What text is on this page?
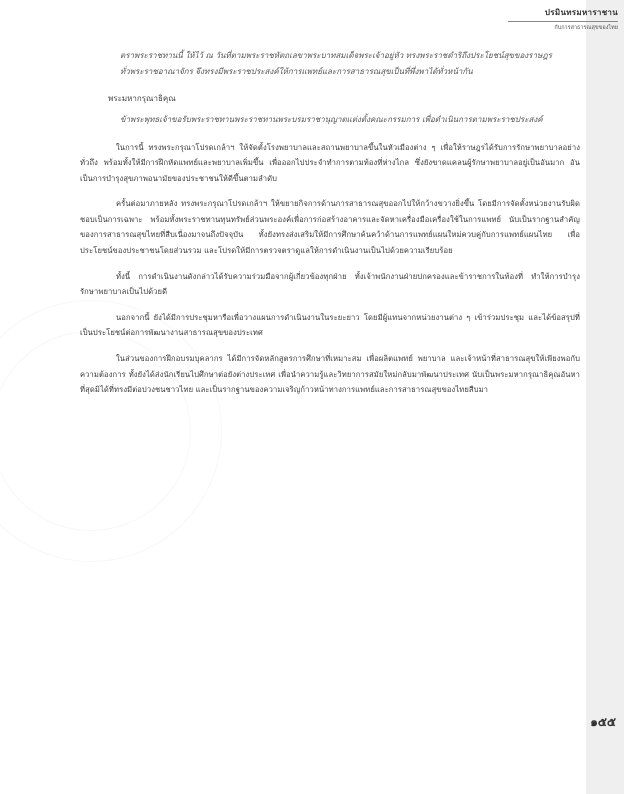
ปรมินทรมหาราชาน
กับการสาธารณสุขของไทย
ตราพระราชทานนี้ ให้ไว้ ณ วันที่ตามพระราชหัตถเลขาพระบาทสมเด็จพระเจ้าอยู่หัว ทรงพระราชดำริถึงประโยชน์สุขของราษฎรทั่วพระราชอาณาจักร จึงทรงมีพระราชประสงค์ให้การแพทย์และการสาธารณสุขเป็นที่พึ่งพาได้ทั่วหน้ากัน
พระมหากรุณาธิคุณ
ข้าพระพุทธเจ้าขอรับพระราชทานพระราชทานพระบรมราชานุญาตแต่งตั้งคณะกรรมการ เพื่อดำเนินการตามพระราชประสงค์

ในการนี้ ทรงพระกรุณาโปรดเกล้าฯ ให้จัดตั้งโรงพยาบาลและสถานพยาบาลขึ้นในหัวเมืองต่าง ๆ เพื่อให้ราษฎรได้รับการรักษาพยาบาลอย่างทั่วถึง พร้อมทั้งให้มีการฝึกหัดแพทย์และพยาบาลเพิ่มขึ้น เพื่อออกไปประจำทำการตามท้องที่ห่างไกล ซึ่งยังขาดแคลนผู้รักษาพยาบาลอยู่เป็นอันมาก อันเป็นการบำรุงสุขภาพอนามัยของประชาชนให้ดีขึ้นตามลำดับ

ครั้นต่อมาภายหลัง ทรงพระกรุณาโปรดเกล้าฯ ให้ขยายกิจการด้านการสาธารณสุขออกไปให้กว้างขวางยิ่งขึ้น โดยมีการจัดตั้งหน่วยงานรับผิดชอบเป็นการเฉพาะ พร้อมทั้งพระราชทานทุนทรัพย์ส่วนพระองค์เพื่อการก่อสร้างอาคารและจัดหาเครื่องมือเครื่องใช้ในการแพทย์ นับเป็นรากฐานสำคัญของการสาธารณสุขไทยที่สืบเนื่องมาจนถึงปัจจุบัน ทั้งยังทรงส่งเสริมให้มีการศึกษาค้นคว้าด้านการแพทย์แผนใหม่ควบคู่กับการแพทย์แผนไทย เพื่อประโยชน์ของประชาชนโดยส่วนรวม และโปรดให้มีการตรวจตราดูแลให้การดำเนินงานเป็นไปด้วยความเรียบร้อย

ทั้งนี้ การดำเนินงานดังกล่าวได้รับความร่วมมือจากผู้เกี่ยวข้องทุกฝ่าย ทั้งเจ้าพนักงานฝ่ายปกครองและข้าราชการในท้องที่ ทำให้การบำรุงรักษาพยาบาลเป็นไปด้วยดี

นอกจากนี้ ยังได้มีการประชุมหารือเพื่อวางแผนการดำเนินงานในระยะยาว โดยมีผู้แทนจากหน่วยงานต่าง ๆ เข้าร่วมประชุม และได้ข้อสรุปที่เป็นประโยชน์ต่อการพัฒนางานสาธารณสุขของประเทศ

ในส่วนของการฝึกอบรมบุคลากร ได้มีการจัดหลักสูตรการศึกษาที่เหมาะสม เพื่อผลิตแพทย์ พยาบาล และเจ้าหน้าที่สาธารณสุขให้เพียงพอกับความต้องการ ทั้งยังได้ส่งนักเรียนไปศึกษาต่อยังต่างประเทศ เพื่อนำความรู้และวิทยาการสมัยใหม่กลับมาพัฒนาประเทศ นับเป็นพระมหากรุณาธิคุณอันหาที่สุดมิได้ที่ทรงมีต่อปวงชนชาวไทย และเป็นรากฐานของความเจริญก้าวหน้าทางการแพทย์และการสาธารณสุขของไทยสืบมา

๑๕๕
